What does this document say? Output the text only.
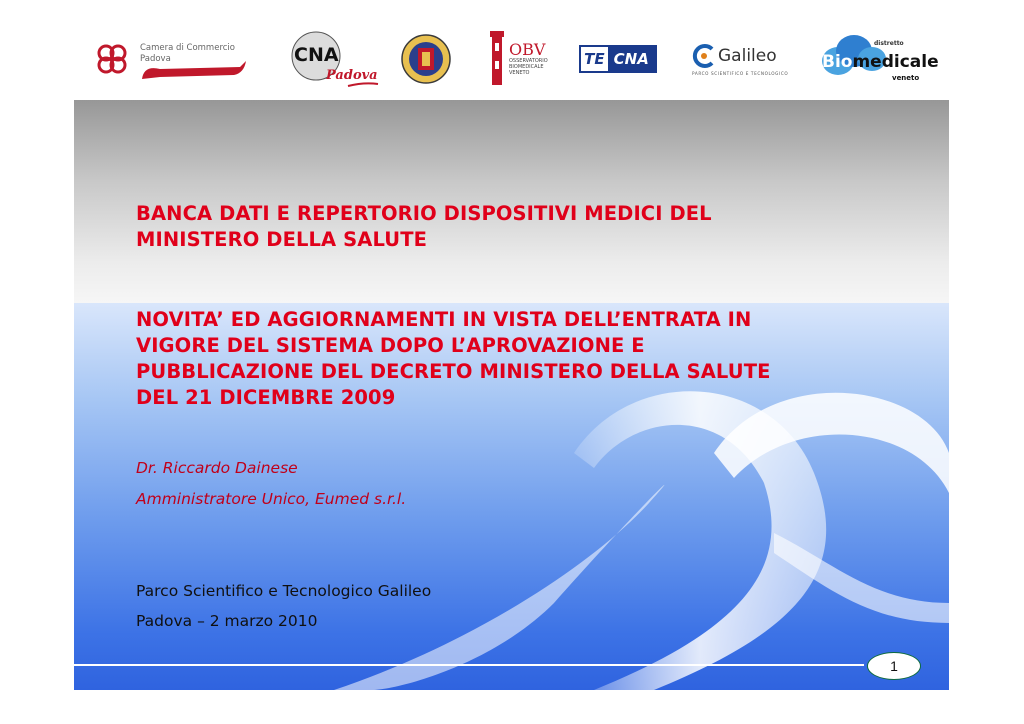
Camera di Commercio
Padova	CNA
Padova
OBV
OSSERVATORIO
BIOMEDICALE
VENETO
TE CNA	Galileo
PARCO SCIENTIFICO E TECNOLOGICO
distretto
Bio medicale
veneto
BANCA DATI E REPERTORIO DISPOSITIVI MEDICI DEL
MINISTERO DELLA SALUTE
NOVITA’ ED AGGIORNAMENTI IN VISTA DELL’ENTRATA IN
VIGORE DEL SISTEMA DOPO L’APROVAZIONE E
PUBBLICAZIONE DEL DECRETO MINISTERO DELLA SALUTE
DEL 21 DICEMBRE 2009
Dr. Riccardo Dainese
Amministratore Unico, Eumed s.r.l.
Parco Scientifico e Tecnologico Galileo
Padova – 2 marzo 2010
1
